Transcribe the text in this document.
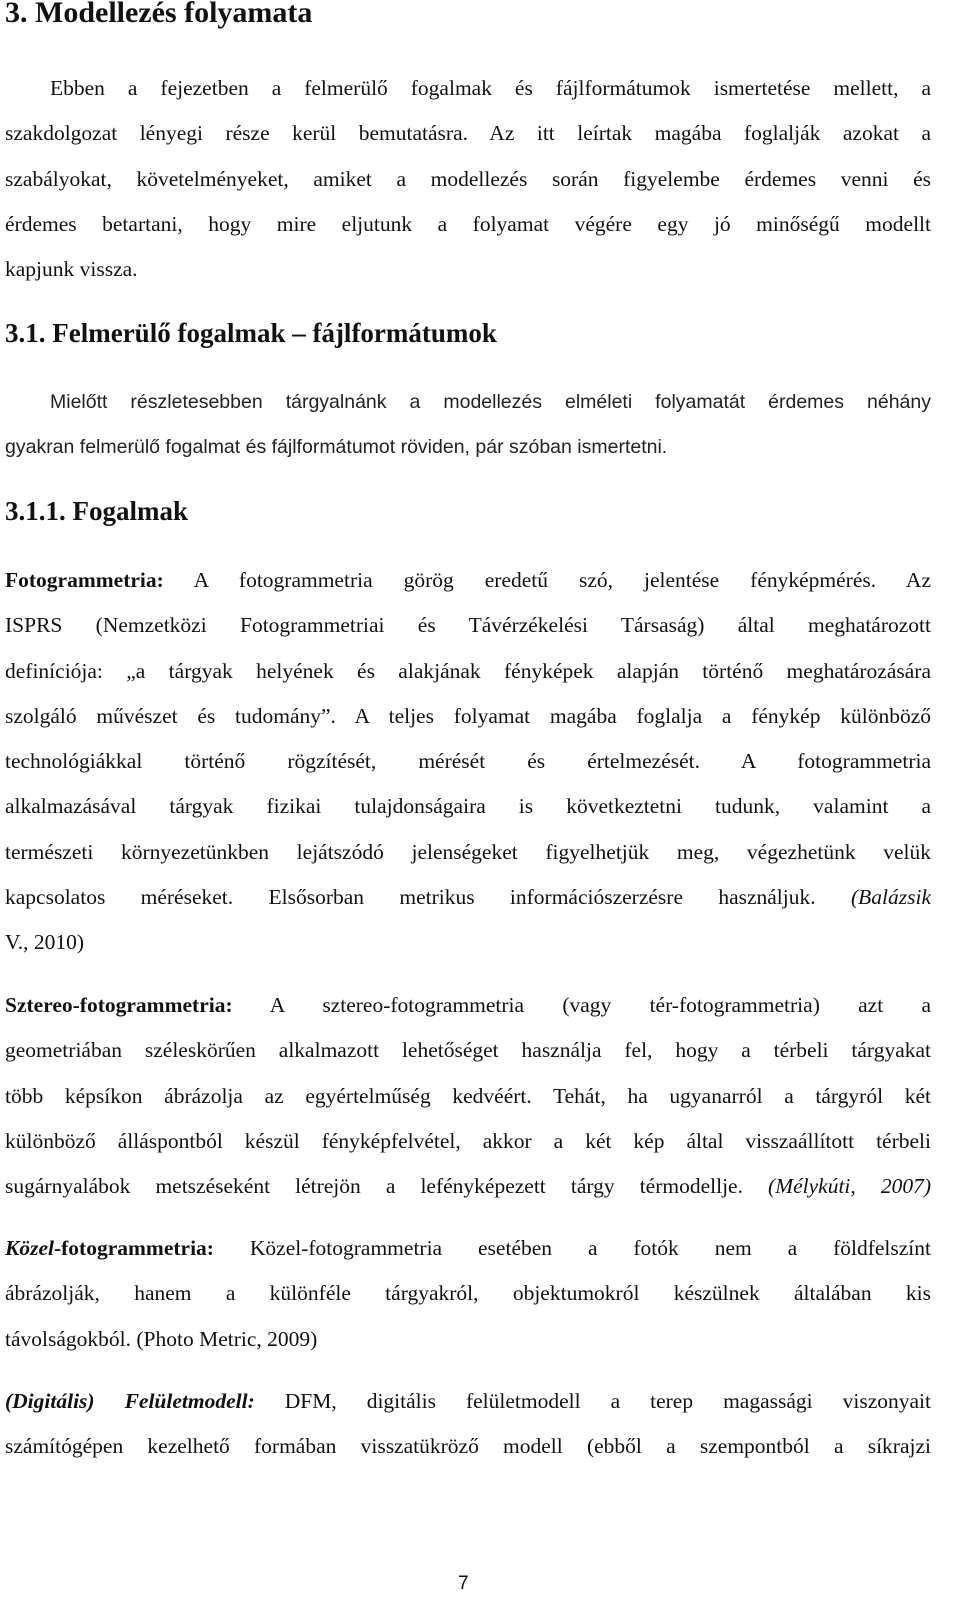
3. Modellezés folyamata
Ebben a fejezetben a felmerülő fogalmak és fájlformátumok ismertetése mellett, a
szakdolgozat lényegi része kerül bemutatásra. Az itt leírtak magába foglalják azokat a
szabályokat, követelményeket, amiket a modellezés során figyelembe érdemes venni és
érdemes betartani, hogy mire eljutunk a folyamat végére egy jó minőségű modellt
kapjunk vissza.
3.1. Felmerülő fogalmak – fájlformátumok
Mielőtt részletesebben tárgyalnánk a modellezés elméleti folyamatát érdemes néhány
gyakran felmerülő fogalmat és fájlformátumot röviden, pár szóban ismertetni.
3.1.1. Fogalmak
Fotogrammetria: A fotogrammetria görög eredetű szó, jelentése fényképmérés. Az
ISPRS (Nemzetközi Fotogrammetriai és Távérzékelési Társaság) által meghatározott
definíciója: „a tárgyak helyének és alakjának fényképek alapján történő meghatározására
szolgáló művészet és tudomány”. A teljes folyamat magába foglalja a fénykép különböző
technológiákkal történő rögzítését, mérését és értelmezését. A fotogrammetria
alkalmazásával tárgyak fizikai tulajdonságaira is következtetni tudunk, valamint a
természeti környezetünkben lejátszódó jelenségeket figyelhetjük meg, végezhetünk velük
kapcsolatos méréseket. Elsősorban metrikus információszerzésre használjuk. (Balázsik
V., 2010)
Sztereo-fotogrammetria: A sztereo-fotogrammetria (vagy tér-fotogrammetria) azt a
geometriában széleskörűen alkalmazott lehetőséget használja fel, hogy a térbeli tárgyakat
több képsíkon ábrázolja az egyértelműség kedvéért. Tehát, ha ugyanarról a tárgyról két
különböző álláspontból készül fényképfelvétel, akkor a két kép által visszaállított térbeli
sugárnyalábok metszéseként létrejön a lefényképezett tárgy térmodellje. (Mélykúti, 2007)
Közel-fotogrammetria: Közel-fotogrammetria esetében a fotók nem a földfelszínt
ábrázolják, hanem a különféle tárgyakról, objektumokról készülnek általában kis
távolságokból. (Photo Metric, 2009)
(Digitális) Felületmodell: DFM, digitális felületmodell a terep magassági viszonyait
számítógépen kezelhető formában visszatükröző modell (ebből a szempontból a síkrajzi
7
